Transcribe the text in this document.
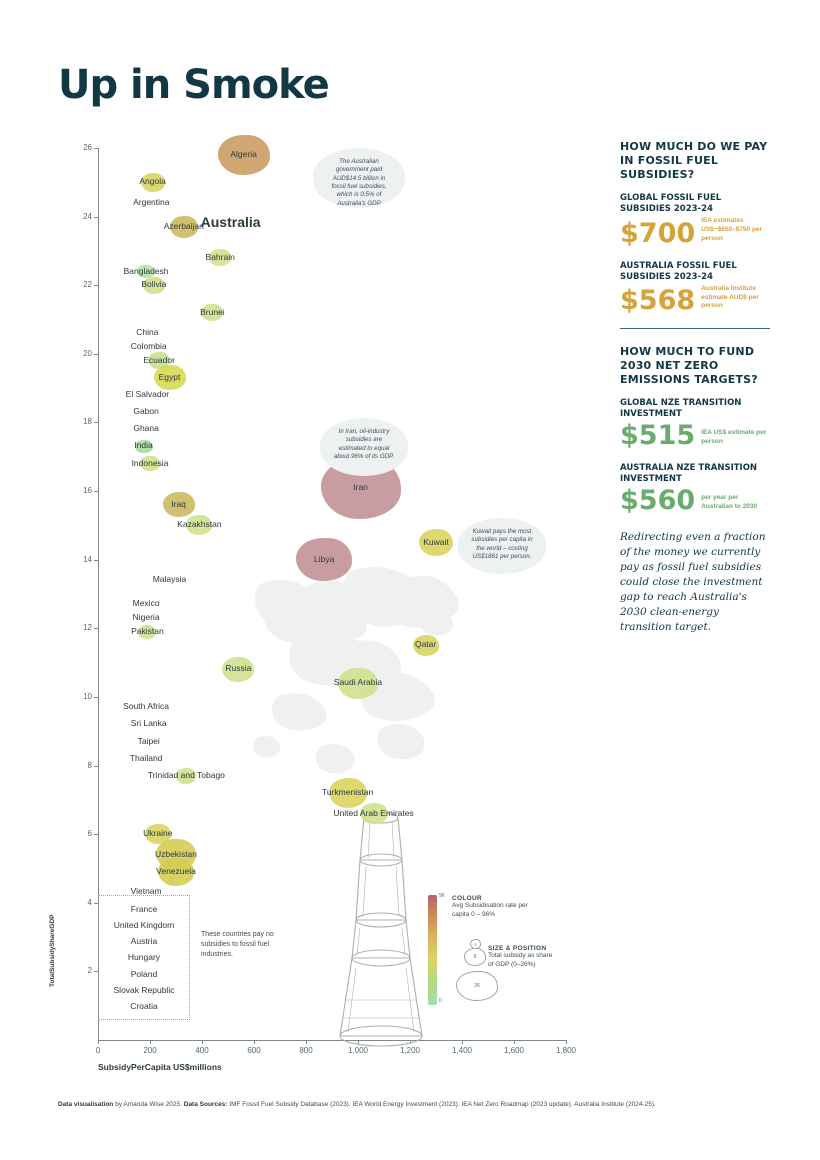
Up in Smoke
SubsidyPerCapita US$millions
TotalSubsidyShareGDP	2
4
6
8
10
12
14
16
18
20
22
24
26
0	200	400	600	800	1,000	1,200	1,400	1,600	1,800
Algeria
Angola
Argentina
Australia
Azerbaijan
Bahrain
Bangladesh
Bolivia
Brunei
China
Colombia
Ecuador
Egypt
El Salvador
Gabon
Ghana
India
Indonesia
Iran
Iraq
Kazakhstan
Kuwait
Libya
Malaysia
Mexico
Nigeria
Pakistan
Qatar
Russia
Saudi Arabia
South Africa
Sri Lanka
Taipei
Thailand
Trinidad and Tobago
Turkmenistan
United Arab Emirates
Ukraine
Uzbekistan
Venezuela
Vietnam
The Australian government paid AUD$14.5 billion in fossil fuel subsidies, which is 0.5% of Australia's GDP
In Iran, oil-industry subsidies are estimated to equal about 96% of its GDP.
Kuwait pays the most subsidies per capita in the world – costing US$1881 per person.
France
United Kingdom
Austria
Hungary
Poland
Slovak Republic
Croatia
These countries pay no subsidies to fossil fuel industries.
96
0
COLOUR
Avg Subsidisation rate per capita 0 – 96%
SIZE & POSITION
Total subsidy as share of GDP (0–26%)
0
5
26
HOW MUCH DO WE PAY IN FOSSIL FUEL SUBSIDIES?
GLOBAL FOSSIL FUEL SUBSIDIES 2023-24
$700 IEA estimates US$~$650–$750 per person
AUSTRALIA FOSSIL FUEL SUBSIDIES 2023-24
$568 Australia Institute estimate AUD$ per person
HOW MUCH TO FUND 2030 NET ZERO EMISSIONS TARGETS?
GLOBAL NZE TRANSITION INVESTMENT
$515 IEA US$ estimate per person
AUSTRALIA NZE TRANSITION INVESTMENT
$560 per year per Australian to 2030
Redirecting even a fraction of the money we currently pay as fossil fuel subsidies could close the investment gap to reach Australia's 2030 clean-energy transition target.
Data visualisation by Amanda Wise 2025. Data Sources: IMF Fossil Fuel Subsidy Database (2023). IEA World Energy Investment (2023). IEA Net Zero Roadmap (2023 update). Australia Institute (2024-25).
